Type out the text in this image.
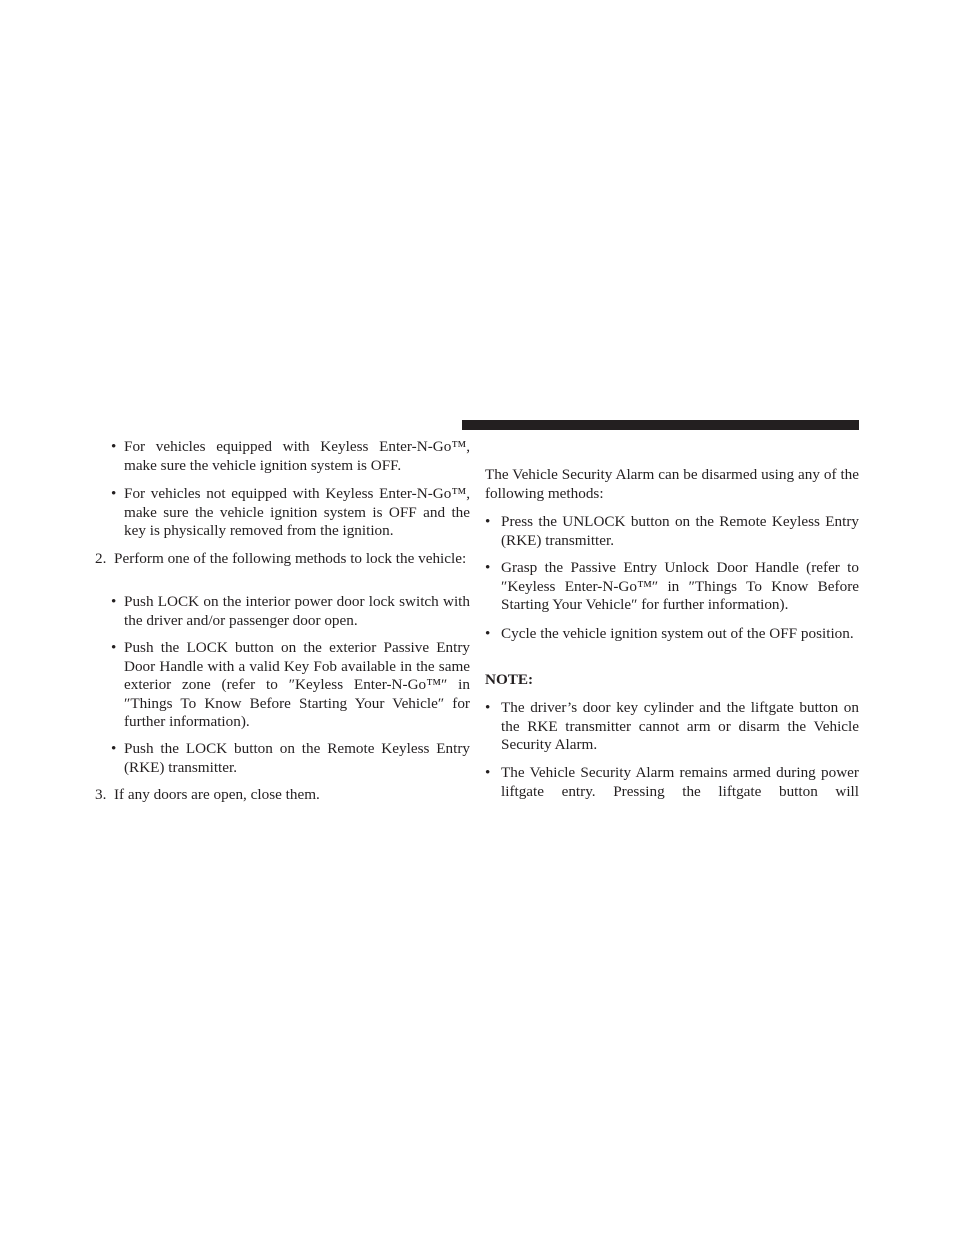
• For vehicles equipped with Keyless Enter-N-Go™, make sure the vehicle ignition system is OFF.
• For vehicles not equipped with Keyless Enter-N-Go™, make sure the vehicle ignition system is OFF and the key is physically removed from the ignition.
2. Perform one of the following methods to lock the vehicle:
• Push LOCK on the interior power door lock switch with the driver and/or passenger door open.
• Push the LOCK button on the exterior Passive Entry Door Handle with a valid Key Fob available in the same exterior zone (refer to ″Keyless Enter-N-Go™″ in ″Things To Know Before Starting Your Vehicle″ for further information).
• Push the LOCK button on the Remote Keyless Entry (RKE) transmitter.
3. If any doors are open, close them.
The Vehicle Security Alarm can be disarmed using any of the following methods:
• Press the UNLOCK button on the Remote Keyless Entry (RKE) transmitter.
• Grasp the Passive Entry Unlock Door Handle (refer to ″Keyless Enter-N-Go™″ in ″Things To Know Before Starting Your Vehicle″ for further information).
• Cycle the vehicle ignition system out of the OFF position.
NOTE:
• The driver’s door key cylinder and the liftgate button on the RKE transmitter cannot arm or disarm the Vehicle Security Alarm.
• The Vehicle Security Alarm remains armed during power liftgate entry. Pressing the liftgate button will
